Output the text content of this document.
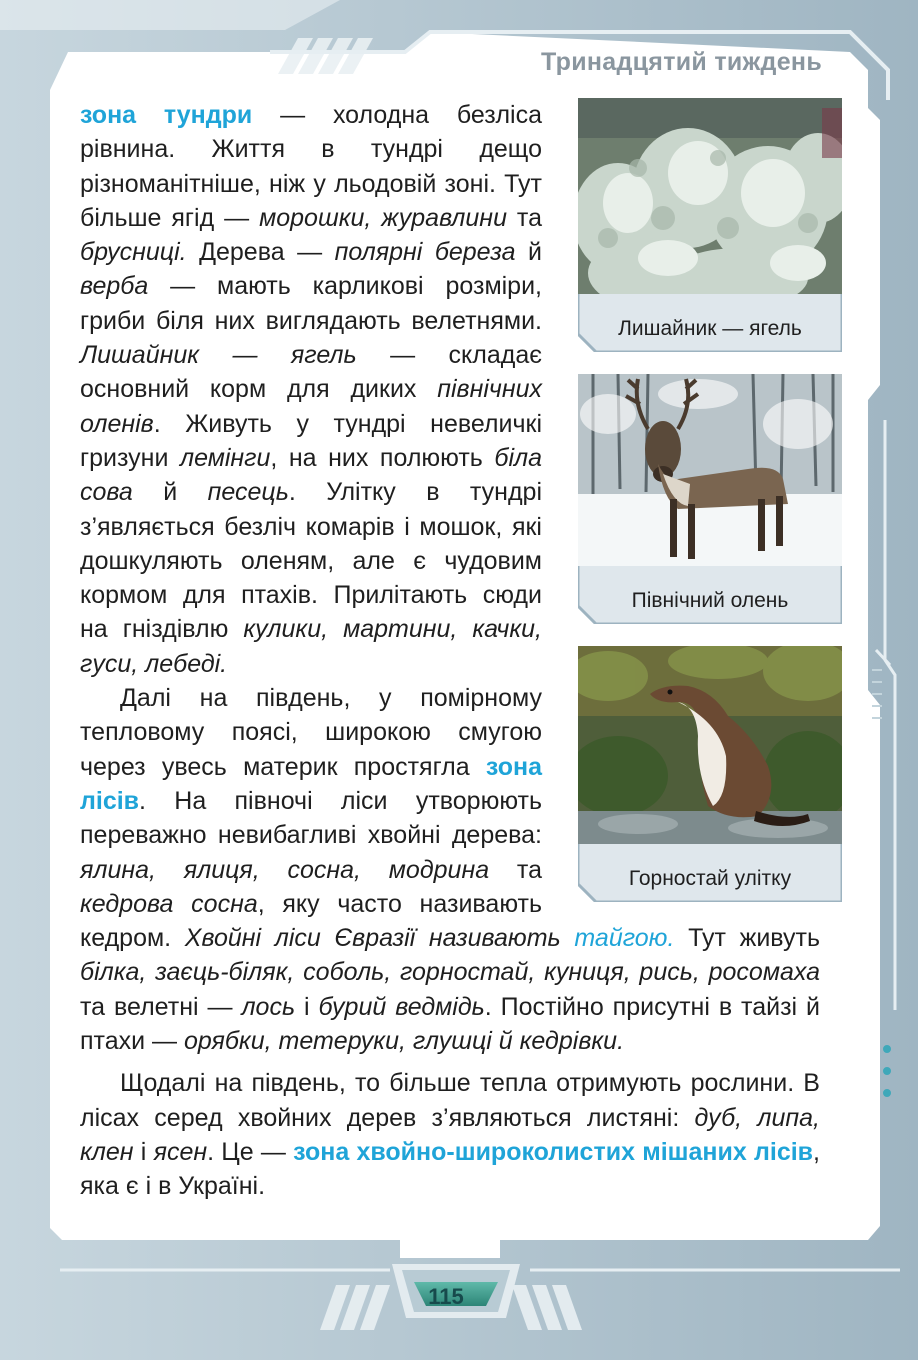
Тринадцятий тиждень
Лишайник — ягель
Північний олень
Горностай улітку

зона тундри — холодна безліса рівнина. Життя в тундрі дещо різноманітніше, ніж у льодовій зоні. Тут більше ягід — морошки, журавлини та брусниці. Дерева — полярні береза й верба — мають карликові розміри, гриби біля них виглядають велетнями. Лишайник — ягель — складає основний корм для диких північних оленів. Живуть у тундрі невеличкі гризуни лемінги, на них полюють біла сова й песець. Улітку в тундрі з’являється безліч комарів і мошок, які дошкуляють оленям, але є чудовим кормом для птахів. Прилітають сюди на гніздівлю кулики, мартини, качки, гуси, лебеді.

Далі на південь, у помірному тепловому поясі, широкою смугою через увесь материк простягла зона лісів. На півночі ліси утворюють переважно невибагливі хвойні дерева: ялина, ялиця, сосна, модрина та кедрова сосна, яку часто називають кедром. Хвойні ліси Євразії називають тайгою. Тут живуть білка, заєць-біляк, соболь, горностай, куниця, рись, росомаха та велетні — лось і бурий ведмідь. Постійно присутні в тайзі й птахи — орябки, тетеруки, глушці й кедрівки.

Щодалі на південь, то більше тепла отримують рослини. В лісах серед хвойних дерев з’являються листяні: дуб, липа, клен і ясен. Це — зона хвойно-широколистих мішаних лісів, яка є і в Україні.

115
